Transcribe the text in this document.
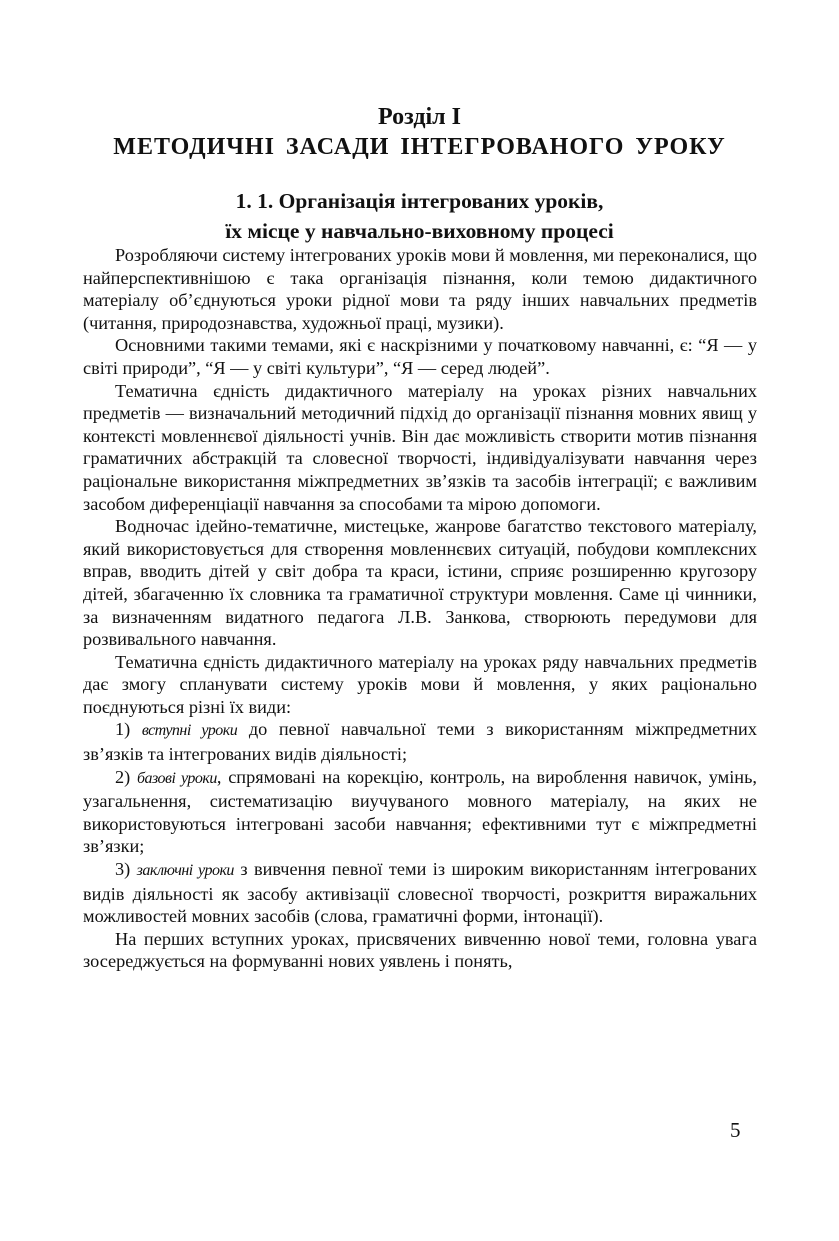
Розділ І
МЕТОДИЧНІ ЗАСАДИ ІНТЕГРОВАНОГО УРОКУ
1. 1. Організація інтегрованих уроків,
їх місце у навчально-виховному процесі

Розробляючи систему інтегрованих уроків мови й мовлення, ми переконалися, що найперспективнішою є така організація пізнання, коли темою дидактичного матеріалу об’єднуються уроки рідної мови та ряду інших навчальних предметів (читання, природознавства, художньої праці, музики).

Основними такими темами, які є наскрізними у початковому навчанні, є: “Я — у світі природи”, “Я — у світі культури”, “Я — серед людей”.

Тематична єдність дидактичного матеріалу на уроках різних навчальних предметів — визначальний методичний підхід до організації пізнання мовних явищ у контексті мовленнєвої діяльності учнів. Він дає можливість створити мотив пізнання граматичних абстракцій та словесної творчості, індивідуалізувати навчання через раціональне використання міжпредметних зв’язків та засобів інтеграції; є важливим засобом диференціації навчання за способами та мірою допомоги.

Водночас ідейно-тематичне, мистецьке, жанрове багатство текстового матеріалу, який використовується для створення мовленнєвих ситуацій, побудови комплексних вправ, вводить дітей у світ добра та краси, істини, сприяє розширенню кругозору дітей, збагаченню їх словника та граматичної структури мовлення. Саме ці чинники, за визначенням видатного педагога Л.В. Занкова, створюють передумови для розвивального навчання.

Тематична єдність дидактичного матеріалу на уроках ряду навчальних предметів дає змогу спланувати систему уроків мови й мовлення, у яких раціонально поєднуються різні їх види:

1) вступні уроки до певної навчальної теми з використанням міжпредметних зв’язків та інтегрованих видів діяльності;

2) базові уроки, спрямовані на корекцію, контроль, на вироблення навичок, умінь, узагальнення, систематизацію виучуваного мовного матеріалу, на яких не використовуються інтегровані засоби навчання; ефективними тут є міжпредметні зв’язки;

3) заключні уроки з вивчення певної теми із широким використанням інтегрованих видів діяльності як засобу активізації словесної творчості, розкриття виражальних можливостей мовних засобів (слова, граматичні форми, інтонації).

На перших вступних уроках, присвячених вивченню нової теми, головна увага зосереджується на формуванні нових уявлень і понять,

5
